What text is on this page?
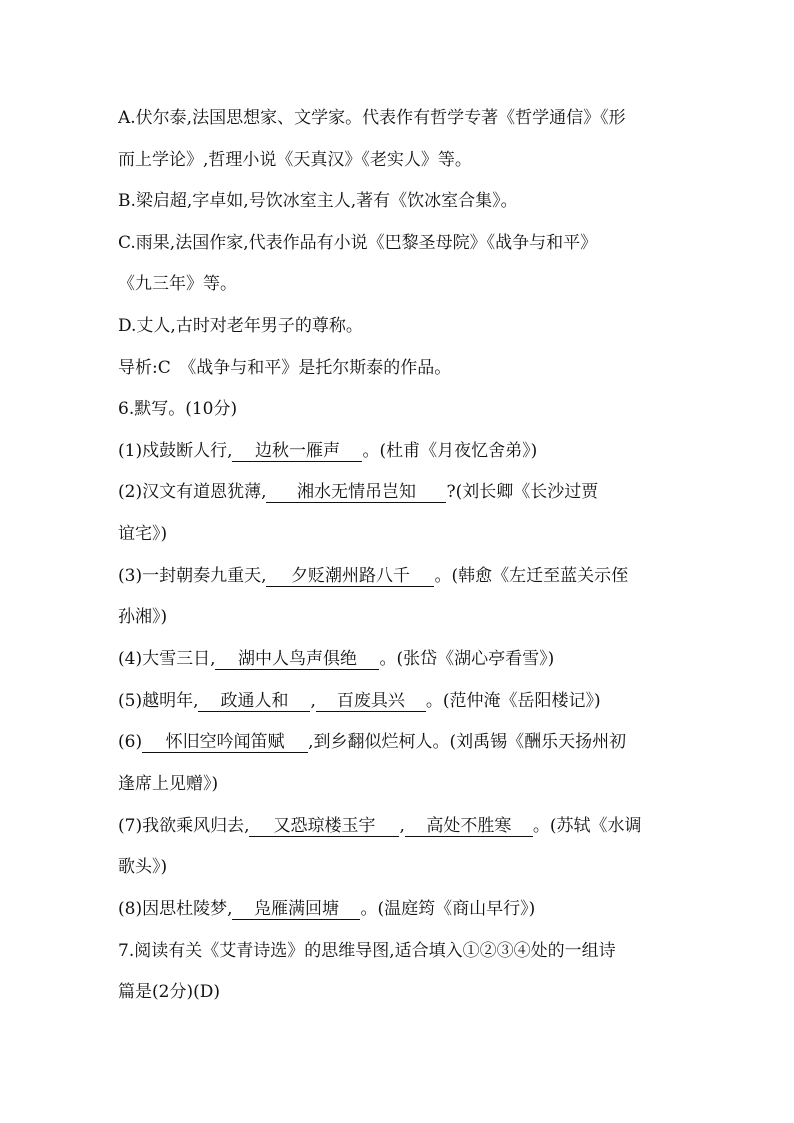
A.伏尔泰,法国思想家、文学家。代表作有哲学专著《哲学通信》《形
而上学论》,哲理小说《天真汉》《老实人》等。
B.梁启超,字卓如,号饮冰室主人,著有《饮冰室合集》。
C.雨果,法国作家,代表作品有小说《巴黎圣母院》《战争与和平》
《九三年》等。
D.丈人,古时对老年男子的尊称。
导析:C　《战争与和平》是托尔斯泰的作品。
6.默写。(10分)
(1)戍鼓断人行, 边秋一雁声 。(杜甫《月夜忆舍弟》)
(2)汉文有道恩犹薄, 湘水无情吊岂知 ?(刘长卿《长沙过贾
谊宅》)
(3)一封朝奏九重天, 夕贬潮州路八千 。(韩愈《左迁至蓝关示侄
孙湘》)
(4)大雪三日, 湖中人鸟声俱绝 。(张岱《湖心亭看雪》)
(5)越明年, 政通人和 , 百废具兴 。(范仲淹《岳阳楼记》)
(6) 怀旧空吟闻笛赋 ,到乡翻似烂柯人。(刘禹锡《酬乐天扬州初
逢席上见赠》)
(7)我欲乘风归去, 又恐琼楼玉宇 , 高处不胜寒 。(苏轼《水调
歌头》)
(8)因思杜陵梦, 凫雁满回塘 。(温庭筠《商山早行》)
7.阅读有关《艾青诗选》的思维导图,适合填入①②③④处的一组诗
篇是(2分)(D)
